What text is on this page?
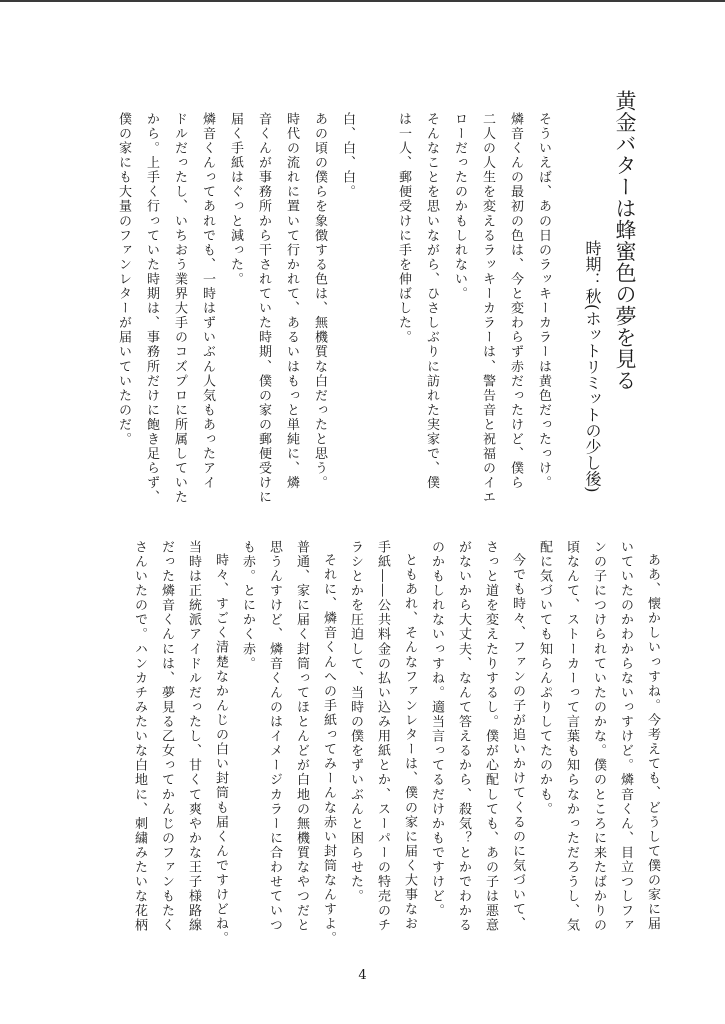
黄金バターは蜂蜜色の夢を見る
時期：秋(ホットリミットの少し後)
そういえば、あの日のラッキーカラーは黄色だったっけ。
燐音くんの最初の色は、今と変わらず赤だったけど、僕ら
二人の人生を変えるラッキーカラーは、警告音と祝福のイエ
ローだったのかもしれない。
そんなことを思いながら、ひさしぶりに訪れた実家で、僕
は一人、郵便受けに手を伸ばした。
白、白、白。
あの頃の僕らを象徴する色は、無機質な白だったと思う。
時代の流れに置いて行かれて、あるいはもっと単純に、燐
音くんが事務所から干されていた時期、僕の家の郵便受けに
届く手紙はぐっと減った。
燐音くんってあれでも、一時はずいぶん人気もあったアイ
ドルだったし、いちおう業界大手のコズプロに所属していた
から。上手く行っていた時期は、事務所だけに飽き足らず、
僕の家にも大量のファンレターが届いていたのだ。
ああ、懐かしいっすね。今考えても、どうして僕の家に届
いていたのかわからないっすけど。燐音くん、目立つしファ
ンの子につけられていたのかな。僕のところに来たばかりの
頃なんて、ストーカーって言葉も知らなかっただろうし、気
配に気づいても知らんぷりしてたのかも。
今でも時々、ファンの子が追いかけてくるのに気づいて、
さっと道を変えたりするし。僕が心配しても、あの子は悪意
がないから大丈夫、なんて答えるから、殺気？とかでわかる
のかもしれないっすね。適当言ってるだけかもですけど。
ともあれ、そんなファンレターは、僕の家に届く大事なお
手紙――公共料金の払い込み用紙とか、スーパーの特売のチ
ラシとかを圧迫して、当時の僕をずいぶんと困らせた。
それに、燐音くんへの手紙ってみーんな赤い封筒なんすよ。
普通、家に届く封筒ってほとんどが白地の無機質なやつだと
思うんすけど、燐音くんのはイメージカラーに合わせていつ
も赤。とにかく赤。
時々、すごく清楚なかんじの白い封筒も届くんですけどね。
当時は正統派アイドルだったし、甘くて爽やかな王子様路線
だった燐音くんには、夢見る乙女ってかんじのファンもたく
さんいたので。ハンカチみたいな白地に、刺繍みたいな花柄
4
